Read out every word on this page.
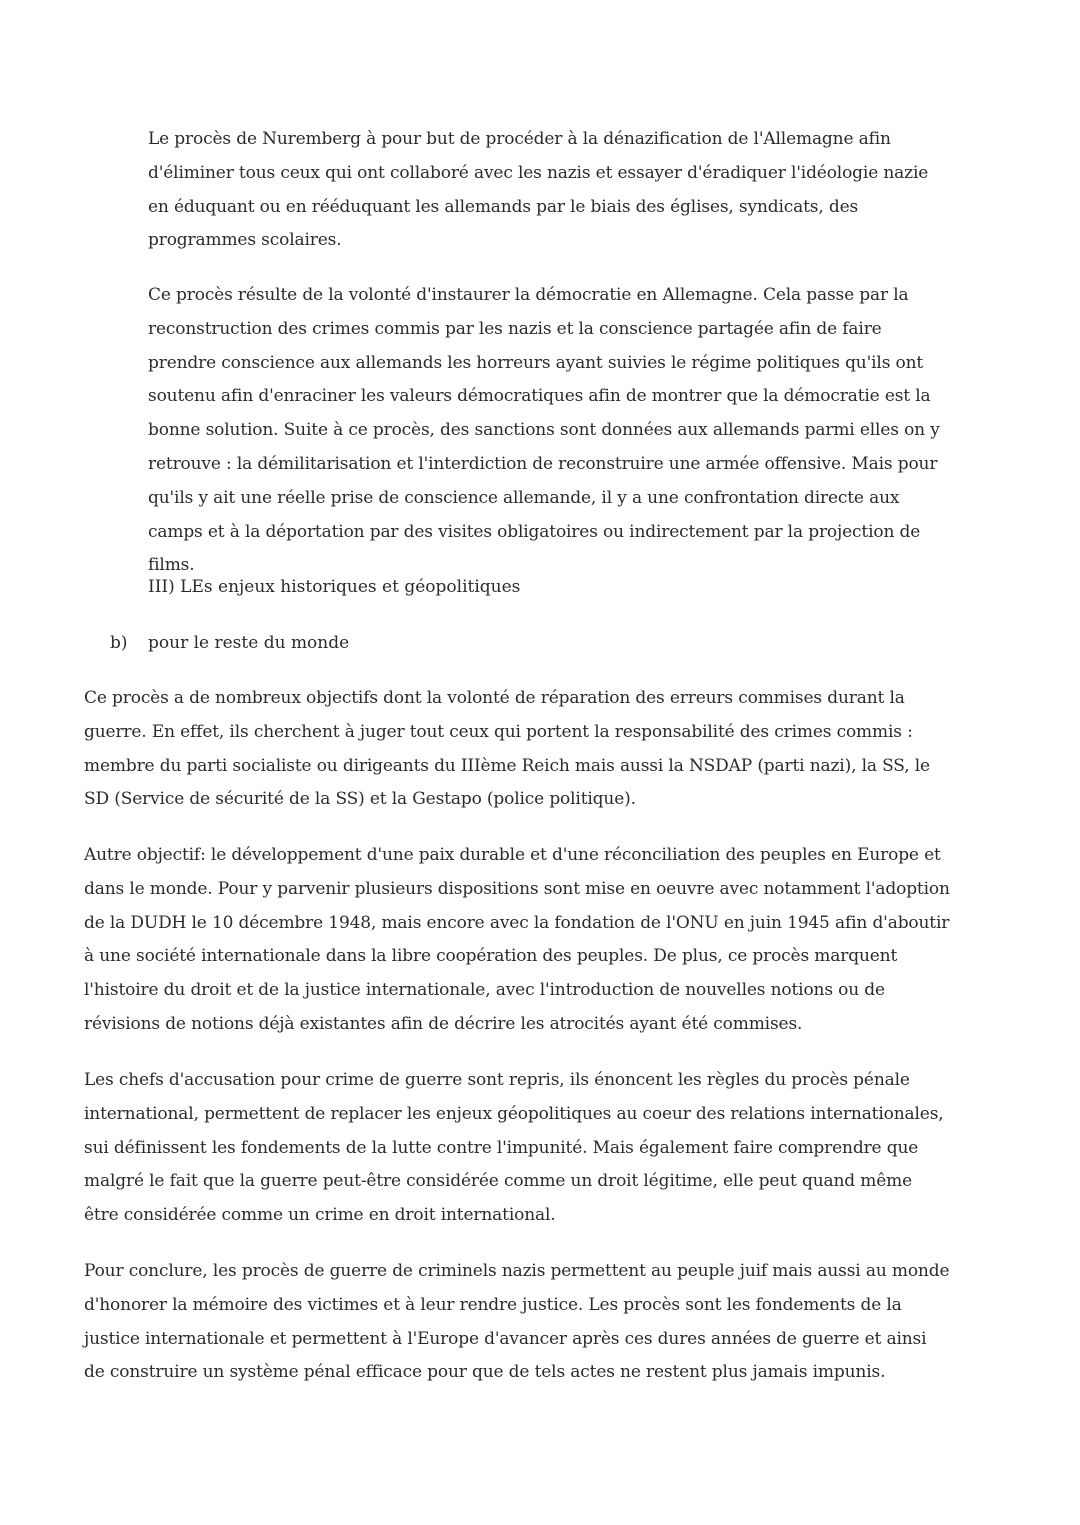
Le procès de Nuremberg à pour but de procéder à la dénazification de l'Allemagne afin d'éliminer tous ceux qui ont collaboré avec les nazis et essayer d'éradiquer l'idéologie nazie en éduquant ou en rééduquant les allemands par le biais des églises, syndicats, des programmes scolaires.

Ce procès résulte de la volonté d'instaurer la démocratie en Allemagne. Cela passe par la reconstruction des crimes commis par les nazis et la conscience partagée afin de faire prendre conscience aux allemands les horreurs ayant suivies le régime politiques qu'ils ont soutenu afin d'enraciner les valeurs démocratiques afin de montrer que la démocratie est la bonne solution. Suite à ce procès, des sanctions sont données aux allemands parmi elles on y retrouve : la démilitarisation et l'interdiction de reconstruire une armée offensive. Mais pour qu'ils y ait une réelle prise de conscience allemande, il y a une confrontation directe aux camps et à la déportation par des visites obligatoires ou indirectement par la projection de films.

III) LEs enjeux historiques et géopolitiques

b) pour le reste du monde

Ce procès a de nombreux objectifs dont la volonté de réparation des erreurs commises durant la guerre. En effet, ils cherchent à juger tout ceux qui portent la responsabilité des crimes commis : membre du parti socialiste ou dirigeants du IIIème Reich mais aussi la NSDAP (parti nazi), la SS, le SD (Service de sécurité de la SS) et la Gestapo (police politique).

Autre objectif: le développement d'une paix durable et d'une réconciliation des peuples en Europe et dans le monde. Pour y parvenir plusieurs dispositions sont mise en oeuvre avec notamment l'adoption de la DUDH le 10 décembre 1948, mais encore avec la fondation de l'ONU en juin 1945 afin d'aboutir à une société internationale dans la libre coopération des peuples. De plus, ce procès marquent l'histoire du droit et de la justice internationale, avec l'introduction de nouvelles notions ou de révisions de notions déjà existantes afin de décrire les atrocités ayant été commises.

Les chefs d'accusation pour crime de guerre sont repris, ils énoncent les règles du procès pénale international, permettent de replacer les enjeux géopolitiques au coeur des relations internationales, sui définissent les fondements de la lutte contre l'impunité. Mais également faire comprendre que malgré le fait que la guerre peut-être considérée comme un droit légitime, elle peut quand même être considérée comme un crime en droit international.

Pour conclure, les procès de guerre de criminels nazis permettent au peuple juif mais aussi au monde d'honorer la mémoire des victimes et à leur rendre justice. Les procès sont les fondements de la justice internationale et permettent à l'Europe d'avancer après ces dures années de guerre et ainsi de construire un système pénal efficace pour que de tels actes ne restent plus jamais impunis.
